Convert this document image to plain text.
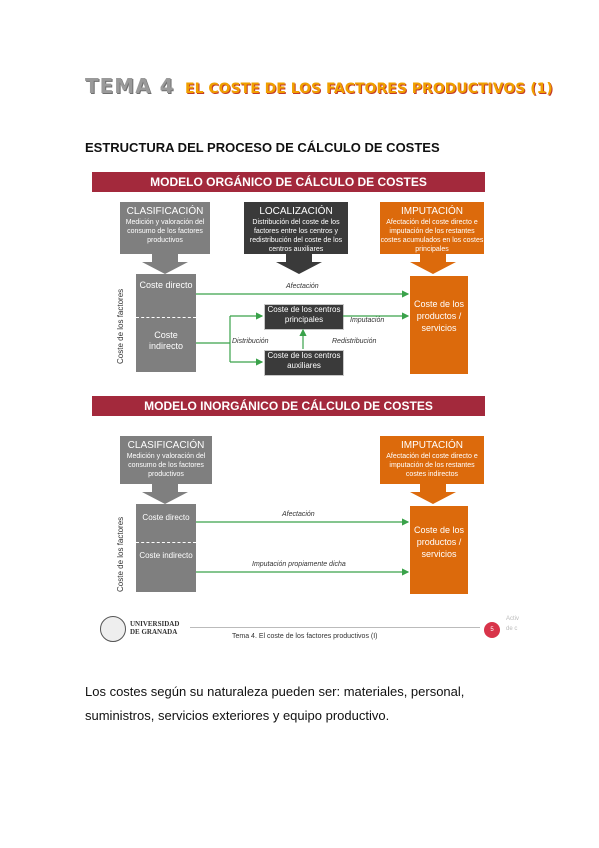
TEMA 4 EL COSTE DE LOS FACTORES PRODUCTIVOS (1)
ESTRUCTURA DEL PROCESO DE CÁLCULO DE COSTES
MODELO ORGÁNICO DE CÁLCULO DE COSTES
CLASIFICACIÓN
Medición y valoración del consumo de los factores productivos
LOCALIZACIÓN
Distribución del coste de los factores entre los centros y redistribución del coste de los centros auxiliares
IMPUTACIÓN
Afectación del coste directo e imputación de los restantes costes acumulados en los costes principales
Coste directo
Coste indirecto
Coste de los factores	Coste de los centros principales
Coste de los centros auxiliares
Coste de los productos / servicios
Afectación
Imputación
Distribución	Redistribución
MODELO INORGÁNICO DE CÁLCULO DE COSTES
CLASIFICACIÓN
Medición y valoración del consumo de los factores productivos
IMPUTACIÓN
Afectación del coste directo e imputación de los restantes costes indirectos
Coste directo
Coste indirecto
Coste de los factores	Coste de los productos / servicios
Afectación
Imputación propiamente dicha
UNIVERSIDAD DE GRANADA
Tema 4. El coste de los factores productivos (I)
5
Activ de c
Los costes según su naturaleza pueden ser: materiales, personal, suministros, servicios exteriores y equipo productivo.
